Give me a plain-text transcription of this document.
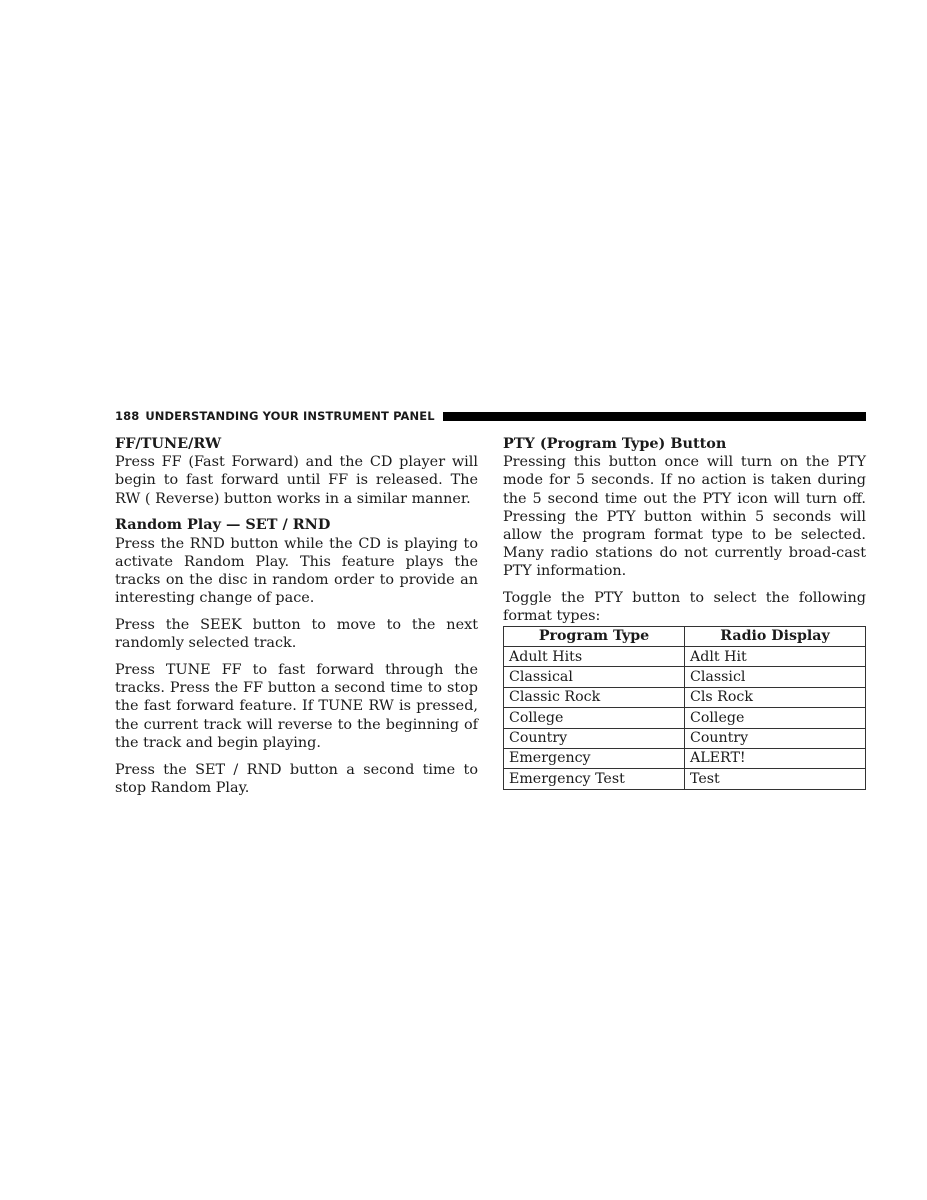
188 UNDERSTANDING YOUR INSTRUMENT PANEL
FF/TUNE/RW

Press FF (Fast Forward) and the CD player will begin to fast forward until FF is released. The RW ( Reverse) button works in a similar manner.

Random Play — SET / RND

Press the RND button while the CD is playing to activate Random Play. This feature plays the tracks on the disc in random order to provide an interesting change of pace.

Press the SEEK button to move to the next randomly selected track.

Press TUNE FF to fast forward through the tracks. Press the FF button a second time to stop the fast forward feature. If TUNE RW is pressed, the current track will reverse to the beginning of the track and begin playing.

Press the SET / RND button a second time to stop Random Play.

PTY (Program Type) Button

Pressing this button once will turn on the PTY mode for 5 seconds. If no action is taken during the 5 second time out the PTY icon will turn off. Pressing the PTY button within 5 seconds will allow the program format type to be selected. Many radio stations do not currently broad-cast PTY information.

Toggle the PTY button to select the following format types:

Program Type	Radio Display
Adult Hits	Adlt Hit
Classical	Classicl
Classic Rock	Cls Rock
College	College
Country	Country
Emergency	ALERT!
Emergency Test	Test
